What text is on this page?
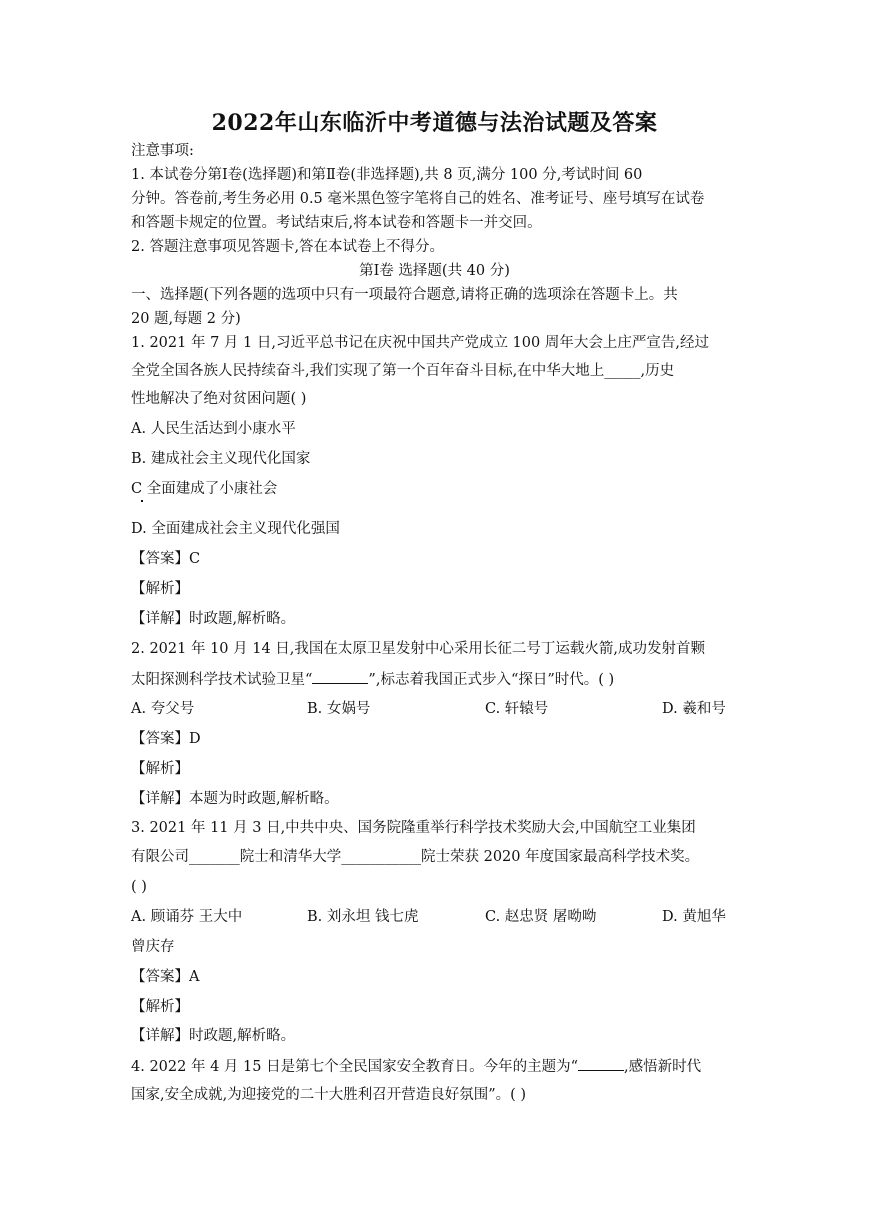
2022年山东临沂中考道德与法治试题及答案
注意事项:
1. 本试卷分第Ⅰ卷(选择题)和第Ⅱ卷(非选择题),共 8 页,满分 100 分,考试时间 60
分钟。答卷前,考生务必用 0.5 毫米黑色签字笔将自己的姓名、准考证号、座号填写在试卷
和答题卡规定的位置。考试结束后,将本试卷和答题卡一并交回。
2. 答题注意事项见答题卡,答在本试卷上不得分。
第Ⅰ卷 选择题(共 40 分)
一、选择题(下列各题的选项中只有一项最符合题意,请将正确的选项涂在答题卡上。共
20 题,每题 2 分)
1. 2021 年 7 月 1 日,习近平总书记在庆祝中国共产党成立 100 周年大会上庄严宣告,经过
全党全国各族人民持续奋斗,我们实现了第一个百年奋斗目标,在中华大地上_____,历史
性地解决了绝对贫困问题( )
A. 人民生活达到小康水平
B. 建成社会主义现代化国家
C 全面建成了小康社会
D. 全面建成社会主义现代化强国
【答案】C
【解析】
【详解】时政题,解析略。
2. 2021 年 10 月 14 日,我国在太原卫星发射中心采用长征二号丁运载火箭,成功发射首颗
太阳探测科学技术试验卫星“	”,标志着我国正式步入“探日”时代。( )
A. 夸父号	B. 女娲号	C. 轩辕号	D. 羲和号
【答案】D
【解析】
【详解】本题为时政题,解析略。
3. 2021 年 11 月 3 日,中共中央、国务院隆重举行科学技术奖励大会,中国航空工业集团
有限公司_______院士和清华大学___________院士荣获 2020 年度国家最高科学技术奖。
( )
A. 顾诵芬 王大中	B. 刘永坦 钱七虎	C. 赵忠贤 屠呦呦	D. 黄旭华
曾庆存
【答案】A
【解析】
【详解】时政题,解析略。
4. 2022 年 4 月 15 日是第七个全民国家安全教育日。今年的主题为“	,感悟新时代
国家,安全成就,为迎接党的二十大胜利召开营造良好氛围”。( )
